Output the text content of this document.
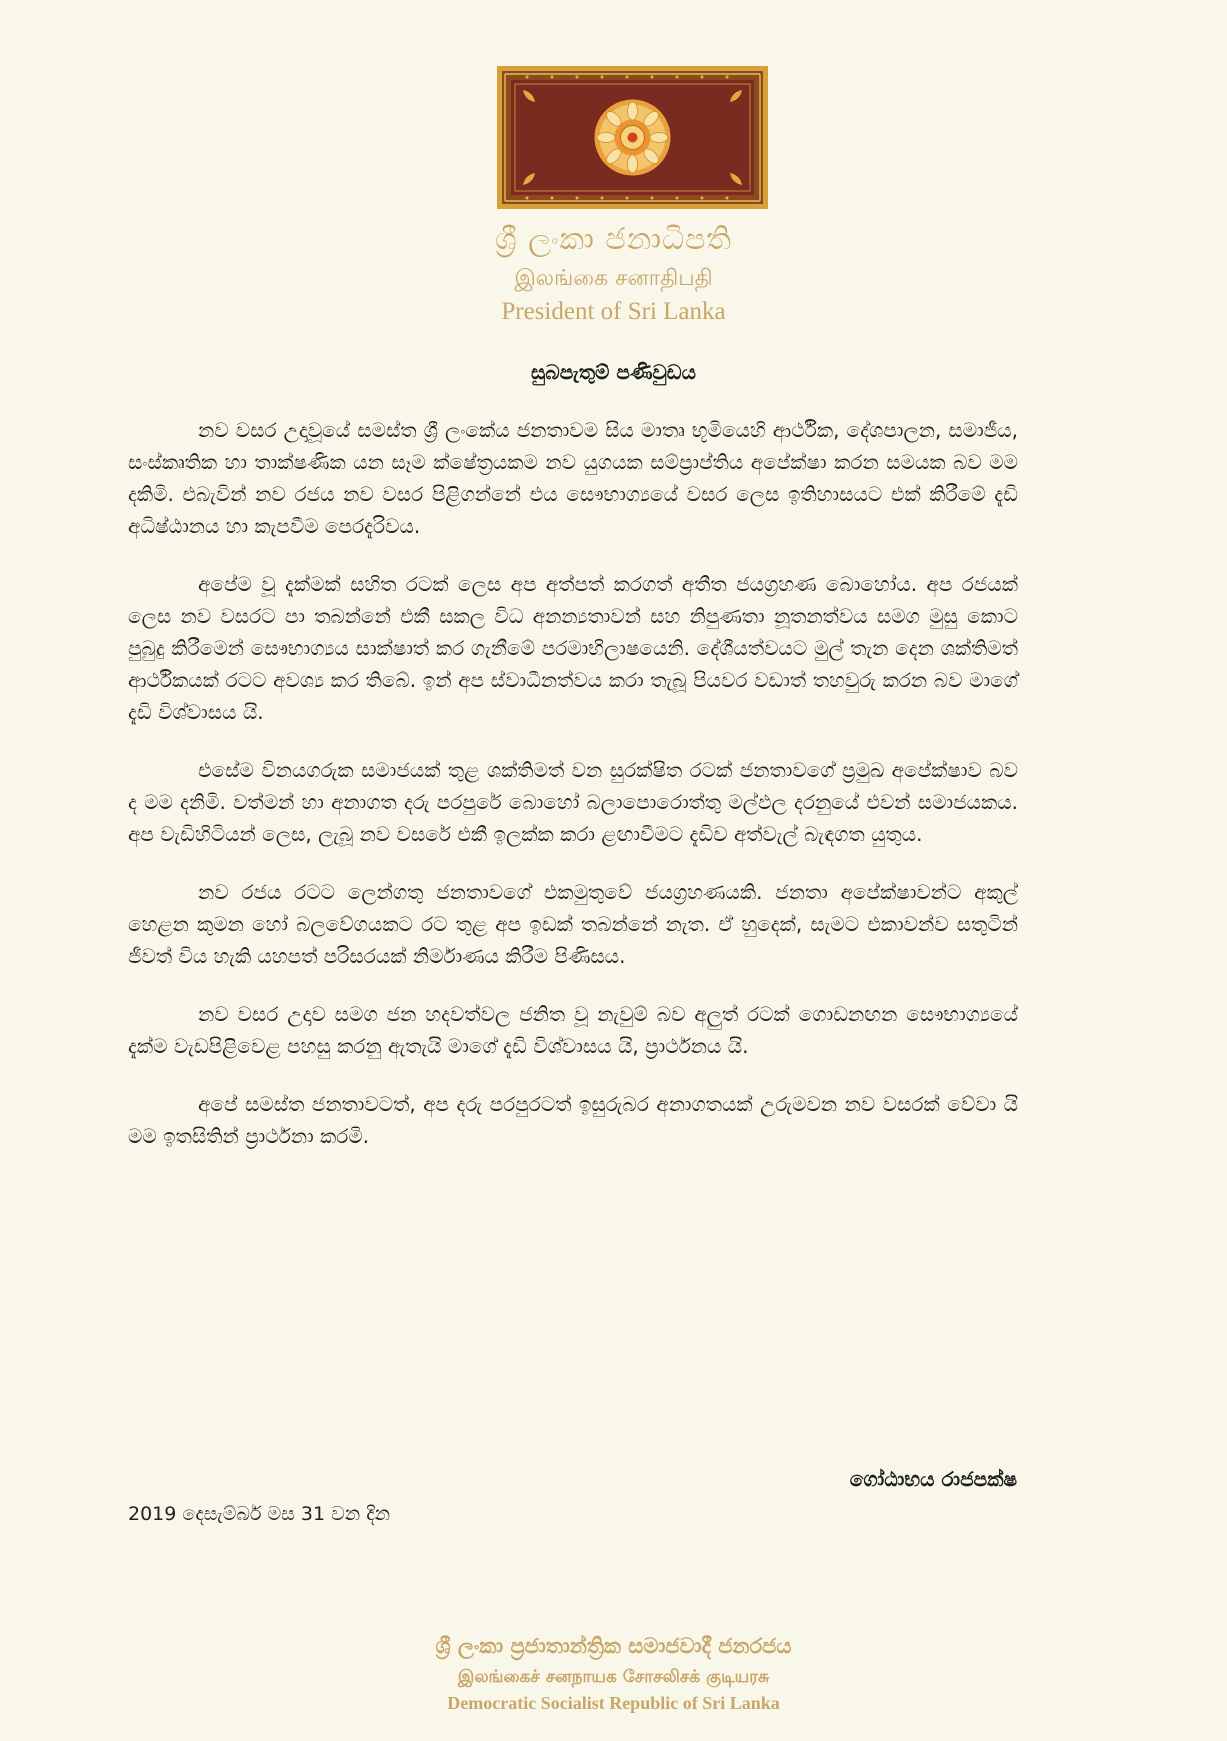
ශ්‍රී ලංකා ජනාධිපති
இலங்கை சனாதிபதி
President of Sri Lanka
සුබපැතුම් පණිවුඩය

නව වසර උදාවූයේ සමස්ත ශ්‍රී ලංකේය ජනතාවම සිය මාතෘ භූමියෙහි ආර්ථික, දේශපාලන, සමාජීය, සංස්කෘතික හා තාක්ෂණික යන සෑම ක්ෂේත්‍රයකම නව යුගයක සම්ප්‍රාප්තිය අපේක්ෂා කරන සමයක බව මම දකිමි. එබැවින් නව රජය නව වසර පිළිගන්නේ එය සෞභාග්‍යයේ වසර ලෙස ඉතිහාසයට එක් කිරීමේ දැඩි අධිෂ්ඨානය හා කැපවීම පෙරදැරිවය.

අපේම වූ දැක්මක් සහිත රටක් ලෙස අප අත්පත් කරගත් අතීත ජයග්‍රහණ බොහෝය. අප රජයක් ලෙස නව වසරට පා තබන්නේ එකී සකල විධ අනන්‍යතාවන් සහ නිපුණතා නූතනත්වය සමග මුසු කොට පුබුදු කිරීමෙන් සෞභාග්‍යය සාක්ෂාත් කර ගැනීමේ පරමාභිලාෂයෙනි. දේශීයත්වයට මුල් තැන දෙන ශක්තිමත් ආර්ථිකයක් රටට අවශ්‍ය කර තිබේ. ඉන් අප ස්වාධීනත්වය කරා තැබූ පියවර වඩාත් තහවුරු කරන බව මාගේ දැඩි විශ්වාසය යි.

එසේම විනයගරුක සමාජයක් තුළ ශක්තිමත් වන සුරක්ෂිත රටක් ජනතාවගේ ප්‍රමුඛ අපේක්ෂාව බව ද මම දනිමි. වත්මන් හා අනාගත දරු පරපුරේ බොහෝ බලාපොරොත්තු මල්ඵල දරනුයේ එවන් සමාජයකය. අප වැඩිහිටියන් ලෙස, ලැබූ නව වසරේ එකී ඉලක්ක කරා ළඟාවීමට දැඩිව අත්වැල් බැඳගත යුතුය.

නව රජය රටට ලෙන්ගතු ජනතාවගේ එකමුතුවේ ජයග්‍රහණයකි. ජනතා අපේක්ෂාවන්ට අකුල් හෙළන කුමන හෝ බලවේගයකට රට තුළ අප ඉඩක් තබන්නේ නැත. ඒ හුදෙක්, සැමට එකාවන්ව සතුටින් ජීවත් විය හැකි යහපත් පරිසරයක් නිර්මාණය කිරීම පිණිසය.

නව වසර උදාව සමග ජන හදවත්වල ජනිත වූ නැවුම් බව අලුත් රටක් ගොඩනඟන සෞභාග්‍යයේ දැක්ම වැඩපිළිවෙළ පහසු කරනු ඇතැයි මාගේ දැඩි විශ්වාසය යි, ප්‍රාර්ථනය යි.

අපේ සමස්ත ජනතාවටත්, අප දරු පරපුරටත් ඉසුරුබර අනාගතයක් උරුමවන නව වසරක් වේවා යි මම ඉතසිතින් ප්‍රාර්ථනා කරමි.

ගෝඨාභය රාජපක්ෂ
2019 දෙසැම්බර් මස 31 වන දින
ශ්‍රී ලංකා ප්‍රජාතාන්ත්‍රික සමාජවාදී ජනරජය
இலங்கைச் சனநாயக சோசலிசக் குடியரசு
Democratic Socialist Republic of Sri Lanka
